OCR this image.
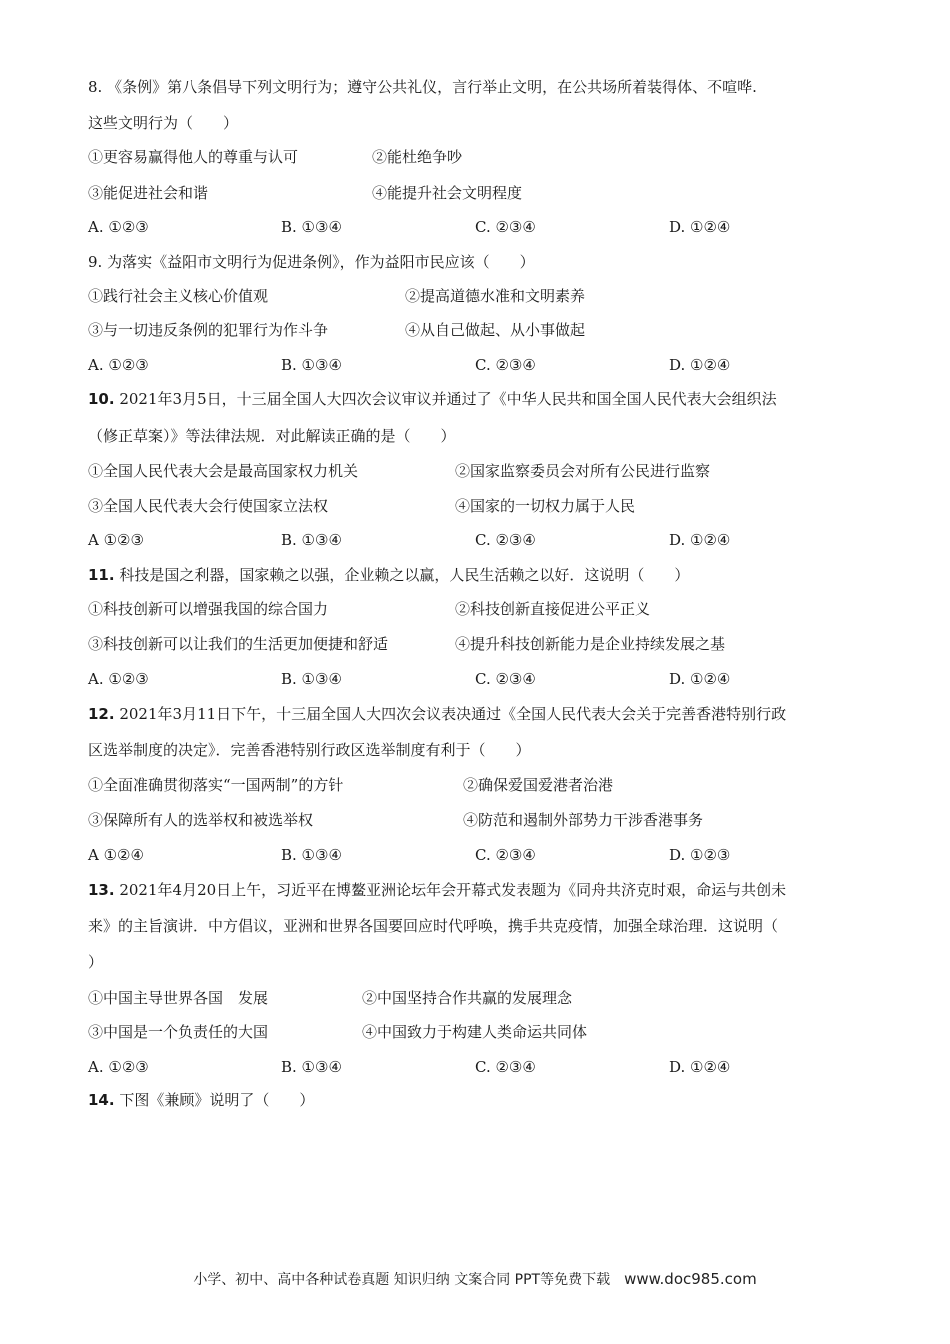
8. 《条例》第八条倡导下列文明行为；遵守公共礼仪，言行举止文明，在公共场所着装得体、不喧哗.
这些文明行为（　　）
①更容易赢得他人的尊重与认可	②能杜绝争吵
③能促进社会和谐	④能提升社会文明程度
A. ①②③	B. ①③④	C. ②③④	D. ①②④
9. 为落实《益阳市文明行为促进条例》，作为益阳市民应该（　　）
①践行社会主义核心价值观	②提高道德水准和文明素养
③与一切违反条例的犯罪行为作斗争	④从自己做起、从小事做起
A. ①②③	B. ①③④	C. ②③④	D. ①②④
10. 2021年3月5日，十三届全国人大四次会议审议并通过了《中华人民共和国全国人民代表大会组织法
（修正草案）》等法律法规．对此解读正确的是（　　）
①全国人民代表大会是最高国家权力机关	②国家监察委员会对所有公民进行监察
③全国人民代表大会行使国家立法权	④国家的一切权力属于人民
A ①②③	B. ①③④	C. ②③④	D. ①②④
11. 科技是国之利器，国家赖之以强，企业赖之以赢，人民生活赖之以好．这说明（　　）
①科技创新可以增强我国的综合国力	②科技创新直接促进公平正义
③科技创新可以让我们的生活更加便捷和舒适	④提升科技创新能力是企业持续发展之基
A. ①②③	B. ①③④	C. ②③④	D. ①②④
12. 2021年3月11日下午，十三届全国人大四次会议表决通过《全国人民代表大会关于完善香港特别行政
区选举制度的决定》．完善香港特别行政区选举制度有利于（　　）
①全面准确贯彻落实“一国两制”的方针	②确保爱国爱港者治港
③保障所有人的选举权和被选举权	④防范和遏制外部势力干涉香港事务
A ①②④	B. ①③④	C. ②③④	D. ①②③
13. 2021年4月20日上午，习近平在博鳌亚洲论坛年会开幕式发表题为《同舟共济克时艰，命运与共创未
来》的主旨演讲．中方倡议，亚洲和世界各国要回应时代呼唤，携手共克疫情，加强全球治理．这说明（
）
①中国主导世界各国　发展	②中国坚持合作共赢的发展理念
③中国是一个负责任的大国	④中国致力于构建人类命运共同体
A. ①②③	B. ①③④	C. ②③④	D. ①②④
14. 下图《兼顾》说明了（　　）
小学、初中、高中各种试卷真题 知识归纳 文案合同 PPT等免费下载 www.doc985.com
